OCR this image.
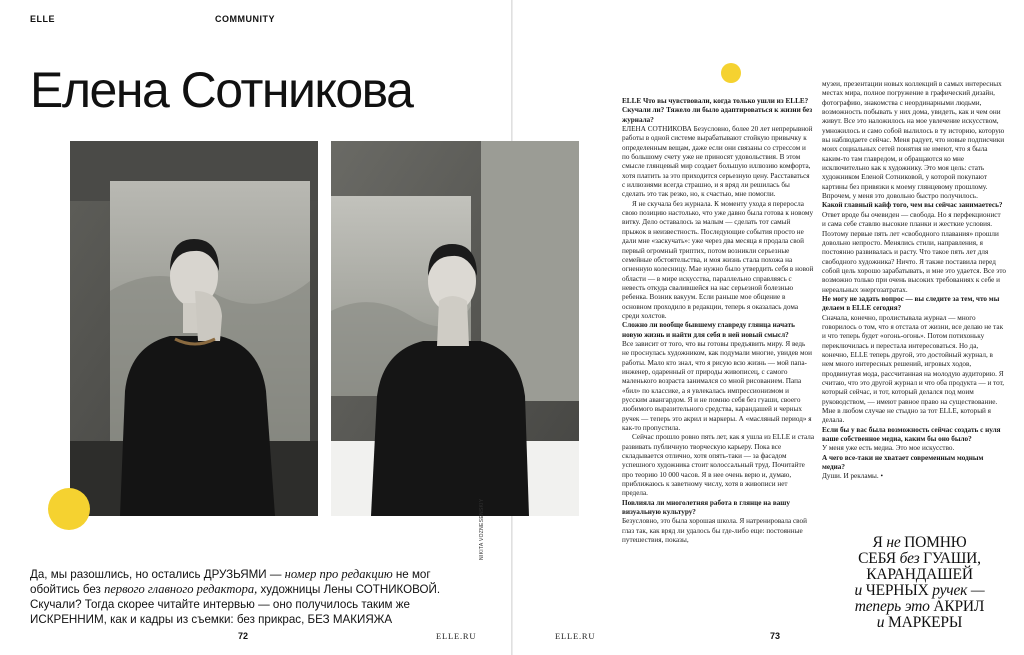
ELLE	COMMUNITY
Елена Сотникова
Да, мы разошлись, но остались ДРУЗЬЯМИ — номер про редакцию не мог обойтись без первого главного редактора, художницы Лены СОТНИКОВОЙ. Скучали? Тогда скорее читайте интервью — оно получилось таким же ИСКРЕННИМ, как и кадры из съемки: без прикрас, БЕЗ МАКИЯЖА
NIKITA VOZNESENSKIY
72	ELLE.RU	ELLE.RU	73

ELLE Что вы чувствовали, когда только ушли из ELLE? Скучали ли? Тяжело ли было адаптироваться к жизни без журнала?

ЕЛЕНА СОТНИКОВА Безусловно, более 20 лет непрерывной работы в одной системе вырабатывают стойкую привычку к определенным вещам, даже если они связаны со стрессом и по большому счету уже не приносят удовольствия. В этом смысле глянцевый мир создает большую иллюзию комфорта, хотя платить за это приходится серьезную цену. Расставаться с иллюзиями всегда страшно, и я вряд ли решилась бы сделать это так резко, но, к счастью, мне помогли.

Я не скучала без журнала. К моменту ухода я переросла свою позицию настолько, что уже давно была готова к новому витку. Дело оставалось за малым — сделать тот самый прыжок в неизвестность. Последующие события просто не дали мне «заскучать»: уже через два месяца я продала свой первый огромный триптих, потом возникли серьезные семейные обстоятельства, и моя жизнь стала похожа на огненную колесницу. Мае нужно было утвердить себя в новой области — в мире искусства, параллельно справляясь с невесть откуда свалившейся на нас серьезной болезнью ребенка. Возник вакуум. Если раньше мое общение в основном проходило в редакции, теперь я оказалась дома среди холстов.

Сложно ли вообще бывшему главреду глянца начать новую жизнь и найти для себя в ней новый смысл?

Все зависит от того, что вы готовы предъявить миру. Я ведь не проснулась художником, как подумали многие, увидев мои работы. Мало кто знал, что я рисую всю жизнь — мой папа-инженер, одаренный от природы живописец, с самого маленького возраста занимался со мной рисованием. Папа «бил» по классике, а я увлекалась импрессионизмом и русским авангардом. Я и не помню себя без гуаши, своего любимого выразительного средства, карандашей и черных ручек — теперь это акрил и маркеры. А «масляный период» я как-то пропустила.

Сейчас прошло ровно пять лет, как я ушла из ELLE и стала развивать публичную творческую карьеру. Пока все складывается отлично, хотя опять-таки — за фасадом успешного художника стоит колоссальный труд. Почитайте про теорию 10 000 часов. Я в нее очень верю и, думаю, приближаюсь к заветному числу, хотя в живописи нет предела.

Повлияла ли многолетняя работа в глянце на вашу визуальную культуру?

Безусловно, это была хорошая школа. Я натренировала свой глаз так, как вряд ли удалось бы где-либо еще: постоянные путешествия, показы,

музеи, презентации новых коллекций в самых интересных местах мира, полное погружение в графический дизайн, фотографию, знакомства с неординарными людьми, возможность побывать у них дома, увидеть, как и чем они живут. Все это наложилось на мое увлечение искусством, умножилось и само собой вылилось в ту историю, которую вы наблюдаете сейчас. Меня радует, что новые подписчики моих социальных сетей понятия не имеют, что я была каким-то там главредом, и обращаются ко мне исключительно как к художнику. Это моя цель: стать художником Еленой Сотниковой, у которой покупают картины без привязки к моему глянцевому прошлому. Впрочем, у меня это довольно быстро получилось.

Какой главный кайф того, чем вы сейчас занимаетесь?

Ответ вроде бы очевиден — свобода. Но я перфекционист и сама себе ставлю высокие планки и жесткие условия. Поэтому первые пять лет «свободного плавания» прошли довольно непросто. Менялись стили, направления, я постоянно развивалась и расту. Что такое пять лет для свободного художника? Ничто. Я также поставила перед собой цель хорошо зарабатывать, и мне это удается. Все это возможно только при очень высоких требованиях к себе и нереальных энергозатратах.

Не могу не задать вопрос — вы следите за тем, что мы делаем в ELLE сегодня?

Сначала, конечно, пролистывала журнал — много говорилось о том, что я отстала от жизни, все делаю не так и что теперь будет «огонь-огонь». Потом потихоньку переключилась и перестала интересоваться. Но да, конечно, ELLE теперь другой, это достойный журнал, в нем много интересных решений, игровых ходов, продвинутая мода, рассчитанная на молодую аудиторию. Я считаю, что это другой журнал и что оба продукта — и тот, который сейчас, и тот, который делался под моим руководством, — имеют равное право на существование. Мне в любом случае не стыдно за тот ELLE, который я делала.

Если бы у вас была возможность сейчас создать с нуля ваше собственное медиа, каким бы оно было?

У меня уже есть медиа. Это мое искусство.

А чего все-таки не хватает современным модным медиа?

Души. И рекламы. •

Я не ПОМНЮ
СЕБЯ без ГУАШИ,
КАРАНДАШЕЙ
и ЧЕРНЫХ ручек —
теперь это АКРИЛ
и МАРКЕРЫ
